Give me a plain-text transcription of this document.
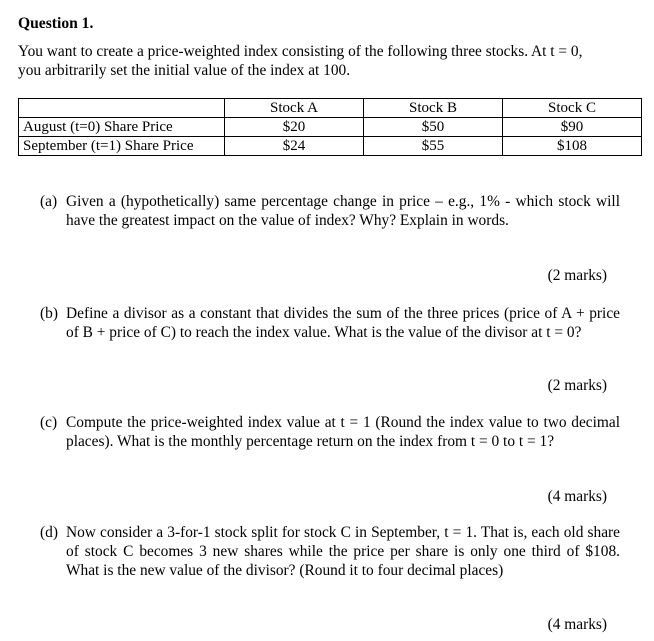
Question 1.

You want to create a price-weighted index consisting of the following three stocks. At t = 0,

you arbitrarily set the initial value of the index at 100.

	Stock A	Stock B	Stock C
August (t=0) Share Price	$20	$50	$90
September (t=1) Share Price	$24	$55	$108
(a) Given a (hypothetically) same percentage change in price – e.g., 1% - which stock will have the greatest impact on the value of index? Why? Explain in words.
(2 marks)
(b) Define a divisor as a constant that divides the sum of the three prices (price of A + price of B + price of C) to reach the index value. What is the value of the divisor at t = 0?
(2 marks)
(c) Compute the price-weighted index value at t = 1 (Round the index value to two decimal places). What is the monthly percentage return on the index from t = 0 to t = 1?
(4 marks)
(d) Now consider a 3-for-1 stock split for stock C in September, t = 1. That is, each old share of stock C becomes 3 new shares while the price per share is only one third of $108. What is the new value of the divisor? (Round it to four decimal places)
(4 marks)
